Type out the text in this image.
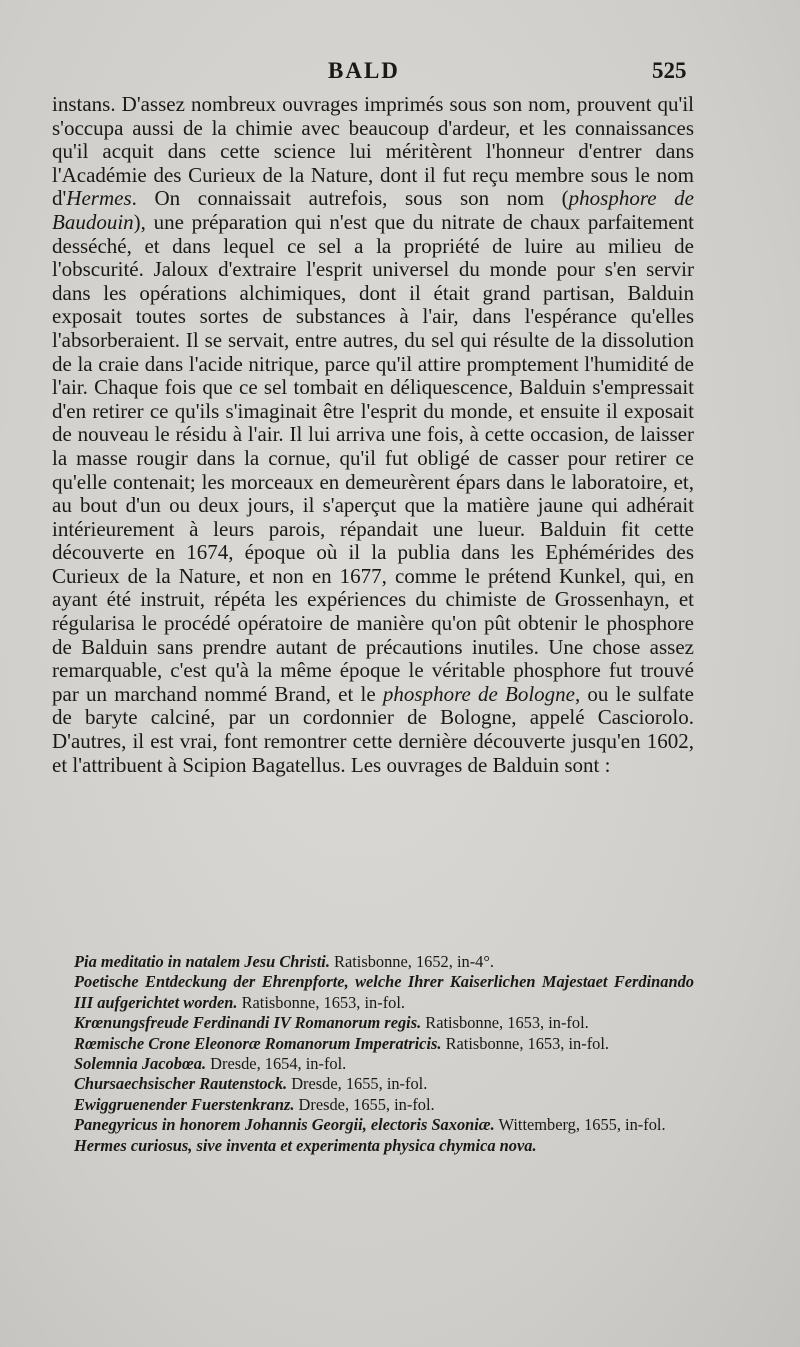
BALD	525

instans. D'assez nombreux ouvrages imprimés sous son nom, prouvent qu'il s'occupa aussi de la chimie avec beaucoup d'ardeur, et les connaissances qu'il acquit dans cette science lui méritèrent l'honneur d'entrer dans l'Académie des Curieux de la Nature, dont il fut reçu membre sous le nom d'Hermes. On connaissait autrefois, sous son nom (phosphore de Baudouin), une préparation qui n'est que du nitrate de chaux parfaitement desséché, et dans lequel ce sel a la propriété de luire au milieu de l'obscurité. Jaloux d'extraire l'esprit universel du monde pour s'en servir dans les opérations alchimiques, dont il était grand partisan, Balduin exposait toutes sortes de substances à l'air, dans l'espérance qu'elles l'absorberaient. Il se servait, entre autres, du sel qui résulte de la dissolution de la craie dans l'acide nitrique, parce qu'il attire promptement l'humidité de l'air. Chaque fois que ce sel tombait en déliquescence, Balduin s'empressait d'en retirer ce qu'ils s'imaginait être l'esprit du monde, et ensuite il exposait de nouveau le résidu à l'air. Il lui arriva une fois, à cette occasion, de laisser la masse rougir dans la cornue, qu'il fut obligé de casser pour retirer ce qu'elle contenait; les morceaux en demeurèrent épars dans le laboratoire, et, au bout d'un ou deux jours, il s'aperçut que la matière jaune qui adhérait intérieurement à leurs parois, répandait une lueur. Balduin fit cette découverte en 1674, époque où il la publia dans les Ephémérides des Curieux de la Nature, et non en 1677, comme le prétend Kunkel, qui, en ayant été instruit, répéta les expériences du chimiste de Grossenhayn, et régularisa le procédé opératoire de manière qu'on pût obtenir le phosphore de Balduin sans prendre autant de précautions inutiles. Une chose assez remarquable, c'est qu'à la même époque le véritable phosphore fut trouvé par un marchand nommé Brand, et le phosphore de Bologne, ou le sulfate de baryte calciné, par un cordonnier de Bologne, appelé Casciorolo. D'autres, il est vrai, font remontrer cette dernière découverte jusqu'en 1602, et l'attribuent à Scipion Bagatellus. Les ouvrages de Balduin sont :

Pia meditatio in natalem Jesu Christi. Ratisbonne, 1652, in-4°.

Poetische Entdeckung der Ehrenpforte, welche Ihrer Kaiserlichen Majestaet Ferdinando III aufgerichtet worden. Ratisbonne, 1653, in-fol.

Krœnungsfreude Ferdinandi IV Romanorum regis. Ratisbonne, 1653, in-fol.

Rœmische Crone Eleonoræ Romanorum Imperatricis. Ratisbonne, 1653, in-fol.

Solemnia Jacobœa. Dresde, 1654, in-fol.

Chursaechsischer Rautenstock. Dresde, 1655, in-fol.

Ewiggruenender Fuerstenkranz. Dresde, 1655, in-fol.

Panegyricus in honorem Johannis Georgii, electoris Saxoniæ. Wittemberg, 1655, in-fol.

Hermes curiosus, sive inventa et experimenta physica chymica nova.
